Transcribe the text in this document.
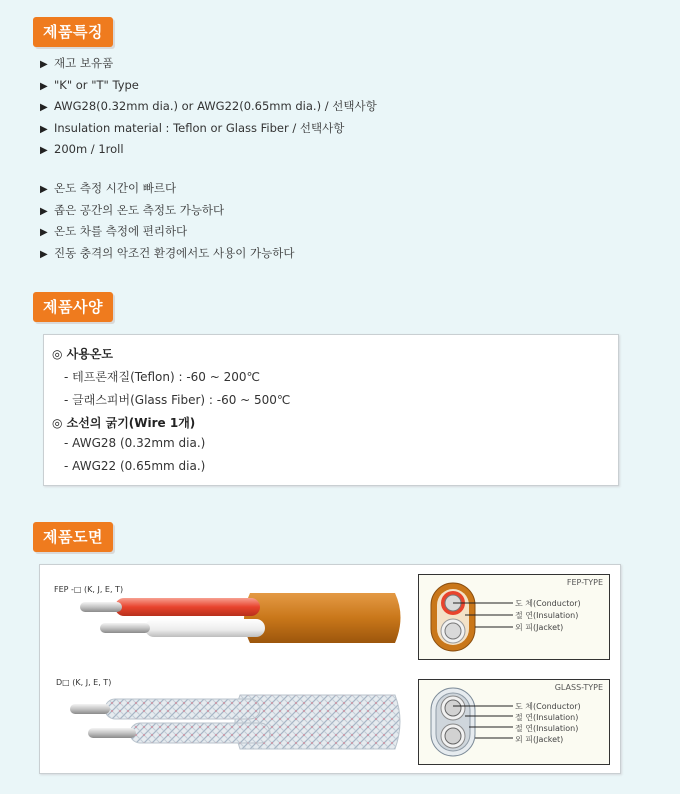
제품특징
▶ 재고 보유품
▶ "K" or "T" Type
▶ AWG28(0.32mm dia.) or AWG22(0.65mm dia.) / 선택사항
▶ Insulation material : Teflon or Glass Fiber / 선택사항
▶ 200m / 1roll
▶ 온도 측정 시간이 빠르다
▶ 좁은 공간의 온도 측정도 가능하다
▶ 온도 차를 측정에 편리하다
▶ 진동 충격의 악조건 환경에서도 사용이 가능하다
제품사양
◎ 사용온도
- 테프론재질(Teflon) : -60 ~ 200℃
- 글래스피버(Glass Fiber) : -60 ~ 500℃
◎ 소선의 굵기(Wire 1개)
- AWG28 (0.32mm dia.)
- AWG22 (0.65mm dia.)
제품도면
FEP -□ (K, J, E, T)
FEP-TYPE
도 체(Conductor)
절 연(Insulation)
외 피(Jacket)
D□ (K, J, E, T)
GLASS-TYPE
도 체(Conductor)
절 연(Insulation)
절 연(Insulation)
외 피(Jacket)
